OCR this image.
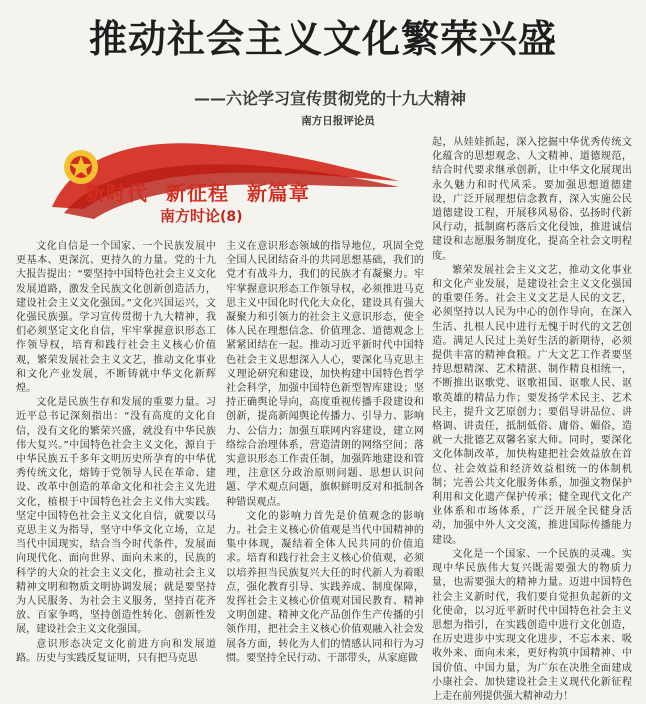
推动社会主义文化繁荣兴盛
——六论学习宣传贯彻党的十九大精神
南方日报评论员
新时代 新征程 新篇章
南方时论(8)

文化自信是一个国家、一个民族发展中更基本、更深沉、更持久的力量。党的十九大报告提出：“要坚持中国特色社会主义文化发展道路，激发全民族文化创新创造活力，建设社会主义文化强国。”文化兴国运兴，文化强民族强。学习宣传贯彻十九大精神，我们必须坚定文化自信，牢牢掌握意识形态工作领导权，培育和践行社会主义核心价值观，繁荣发展社会主义文艺，推动文化事业和文化产业发展，不断铸就中华文化新辉煌。

文化是民族生存和发展的重要力量。习近平总书记深刻指出：“没有高度的文化自信，没有文化的繁荣兴盛，就没有中华民族伟大复兴。”中国特色社会主义文化，源自于中华民族五千多年文明历史所孕育的中华优秀传统文化，熔铸于党领导人民在革命、建设、改革中创造的革命文化和社会主义先进文化，植根于中国特色社会主义伟大实践。坚定中国特色社会主义文化自信，就要以马克思主义为指导，坚守中华文化立场，立足当代中国现实，结合当今时代条件，发展面向现代化、面向世界、面向未来的，民族的科学的大众的社会主义文化，推动社会主义精神文明和物质文明协调发展；就是要坚持为人民服务、为社会主义服务，坚持百花齐放、百家争鸣，坚持创造性转化、创新性发展，建设社会主义文化强国。

意识形态决定文化前进方向和发展道路。历史与实践反复证明，只有把马克思

主义在意识形态领域的指导地位，巩固全党全国人民团结奋斗的共同思想基础，我们的党才有战斗力，我们的民族才有凝聚力。牢牢掌握意识形态工作领导权，必须推进马克思主义中国化时代化大众化，建设具有强大凝聚力和引领力的社会主义意识形态，使全体人民在理想信念、价值理念、道德观念上紧紧团结在一起。推动习近平新时代中国特色社会主义思想深入人心，要深化马克思主义理论研究和建设，加快构建中国特色哲学社会科学，加强中国特色新型智库建设；坚持正确舆论导向，高度重视传播手段建设和创新，提高新闻舆论传播力、引导力、影响力、公信力；加强互联网内容建设，建立网络综合治理体系，营造清朗的网络空间；落实意识形态工作责任制，加强阵地建设和管理，注意区分政治原则问题、思想认识问题、学术观点问题，旗帜鲜明反对和抵制各种错误观点。

文化的影响力首先是价值观念的影响力。社会主义核心价值观是当代中国精神的集中体现，凝结着全体人民共同的价值追求。培育和践行社会主义核心价值观，必须以培养担当民族复兴大任的时代新人为着眼点，强化教育引导、实践养成、制度保障，发挥社会主义核心价值观对国民教育、精神文明创建、精神文化产品创作生产传播的引领作用，把社会主义核心价值观融入社会发展各方面，转化为人们的情感认同和行为习惯。要坚持全民行动、干部带头，从家庭做

起，从娃娃抓起，深入挖掘中华优秀传统文化蕴含的思想观念、人文精神、道德规范，结合时代要求继承创新，让中华文化展现出永久魅力和时代风采。要加强思想道德建设，广泛开展理想信念教育，深入实施公民道德建设工程，开展移风易俗、弘扬时代新风行动，抵制腐朽落后文化侵蚀，推进诚信建设和志愿服务制度化，提高全社会文明程度。

繁荣发展社会主义文艺，推动文化事业和文化产业发展，是建设社会主义文化强国的重要任务。社会主义文艺是人民的文艺，必须坚持以人民为中心的创作导向，在深入生活、扎根人民中进行无愧于时代的文艺创造。满足人民过上美好生活的新期待，必须提供丰富的精神食粮。广大文艺工作者要坚持思想精深、艺术精湛、制作精良相统一，不断推出讴歌党、讴歌祖国、讴歌人民、讴歌英雄的精品力作；要发扬学术民主、艺术民主，提升文艺原创力；要倡导讲品位、讲格调、讲责任，抵制低俗、庸俗、媚俗，造就一大批德艺双馨名家大师。同时，要深化文化体制改革，加快构建把社会效益放在首位、社会效益和经济效益相统一的体制机制；完善公共文化服务体系，加强文物保护利用和文化遗产保护传承；健全现代文化产业体系和市场体系，广泛开展全民健身活动，加强中外人文交流，推进国际传播能力建设。

文化是一个国家、一个民族的灵魂。实现中华民族伟大复兴既需要强大的物质力量，也需要强大的精神力量。迈进中国特色社会主义新时代，我们要自觉担负起新的文化使命，以习近平新时代中国特色社会主义思想为指引，在实践创造中进行文化创造，在历史进步中实现文化进步，不忘本来、吸收外来、面向未来，更好构筑中国精神、中国价值、中国力量，为广东在决胜全面建成小康社会、加快建设社会主义现代化新征程上走在前列提供强大精神动力！
